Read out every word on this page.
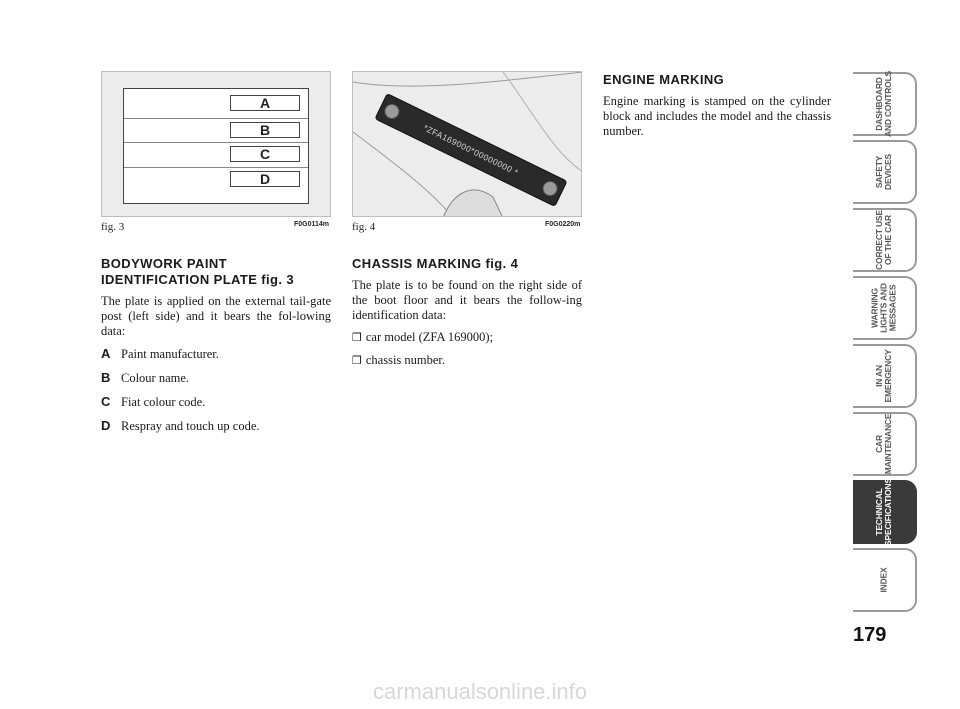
A
B
C
D
fig. 3	F0G0114m
*ZFA169000*00000000 *
fig. 4	F0G0220m
BODYWORK PAINT IDENTIFICATION PLATE fig. 3

The plate is applied on the external tail-gate post (left side) and it bears the fol-lowing data:

A Paint manufacturer.
B Colour name.
C Fiat colour code.
D Respray and touch up code.
CHASSIS MARKING fig. 4

The plate is to be found on the right side of the boot floor and it bears the follow-ing identification data:

❒ car model (ZFA 169000);
❒ chassis number.
ENGINE MARKING

Engine marking is stamped on the cylinder block and includes the model and the chassis number.

DASHBOARD
AND CONTROLS
SAFETY
DEVICES
CORRECT USE
OF THE CAR
WARNING
LIGHTS AND
MESSAGES
IN AN
EMERGENCY
CAR
MAINTENANCE
TECHNICAL
SPECIFICATIONS
INDEX
179
carmanualsonline.info
